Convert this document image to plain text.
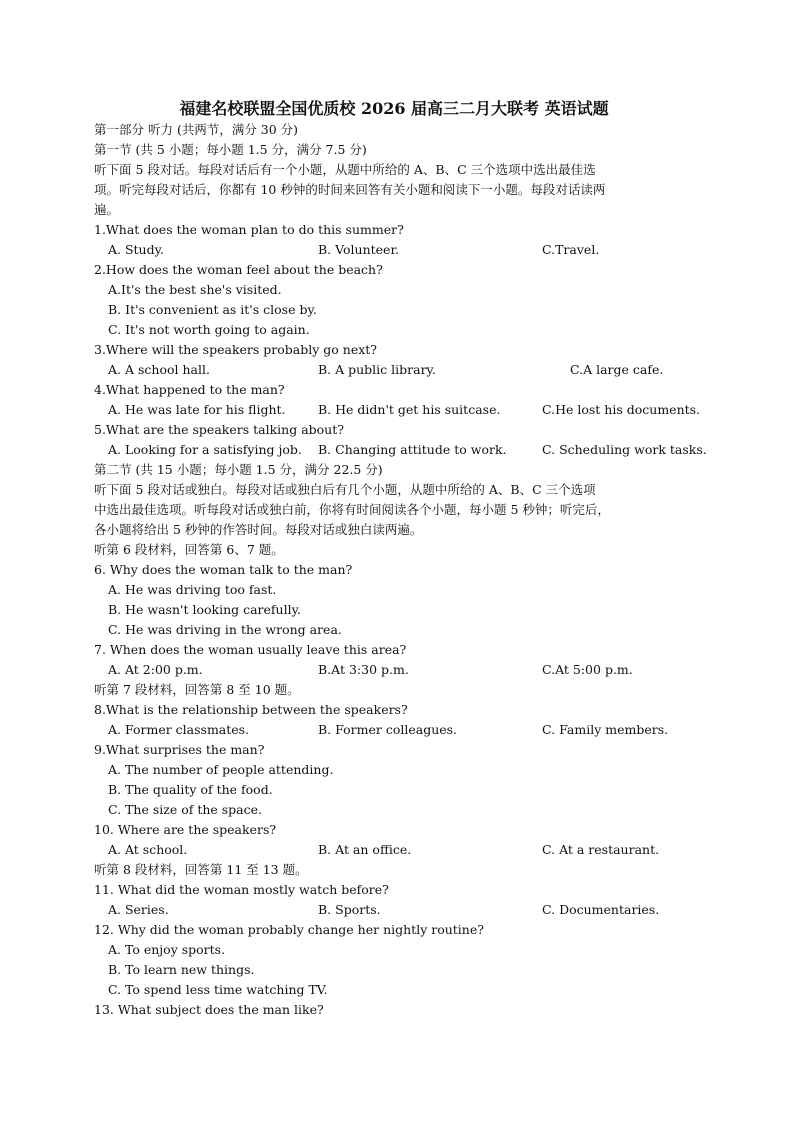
福建名校联盟全国优质校 2026 届高三二月大联考 英语试题
第一部分 听力 (共两节，满分 30 分)
第一节 (共 5 小题；每小题 1.5 分，满分 7.5 分)
听下面 5 段对话。每段对话后有一个小题，从题中所给的 A、B、C 三个选项中选出最佳选
项。听完每段对话后，你都有 10 秒钟的时间来回答有关小题和阅读下一小题。每段对话读两
遍。
1.What does the woman plan to do this summer?
A. Study.	B. Volunteer.	C.Travel.
2.How does the woman feel about the beach?
A.It's the best she's visited.
B. It's convenient as it's close by.
C. It's not worth going to again.
3.Where will the speakers probably go next?
A. A school hall.	B. A public library.	C.A large cafe.
4.What happened to the man?
A. He was late for his flight.	B. He didn't get his suitcase.	C.He lost his documents.
5.What are the speakers talking about?
A. Looking for a satisfying job. B. Changing attitude to work.	C. Scheduling work tasks.
第二节 (共 15 小题；每小题 1.5 分，满分 22.5 分)
听下面 5 段对话或独白。每段对话或独白后有几个小题，从题中所给的 A、B、C 三个选项
中选出最佳选项。听每段对话或独白前，你将有时间阅读各个小题，每小题 5 秒钟；听完后，
各小题将给出 5 秒钟的作答时间。每段对话或独白读两遍。
听第 6 段材料，回答第 6、7 题。
6. Why does the woman talk to the man?
A. He was driving too fast.
B. He wasn't looking carefully.
C. He was driving in the wrong area.
7. When does the woman usually leave this area?
A. At 2:00 p.m.	B.At 3:30 p.m.	C.At 5:00 p.m.
听第 7 段材料，回答第 8 至 10 题。
8.What is the relationship between the speakers?
A. Former classmates.	B. Former colleagues.	C. Family members.
9.What surprises the man?
A. The number of people attending.
B. The quality of the food.
C. The size of the space.
10. Where are the speakers?
A. At school.	B. At an office.	C. At a restaurant.
听第 8 段材料，回答第 11 至 13 题。
11. What did the woman mostly watch before?
A. Series.	B. Sports.	C. Documentaries.
12. Why did the woman probably change her nightly routine?
A. To enjoy sports.
B. To learn new things.
C. To spend less time watching TV.
13. What subject does the man like?
